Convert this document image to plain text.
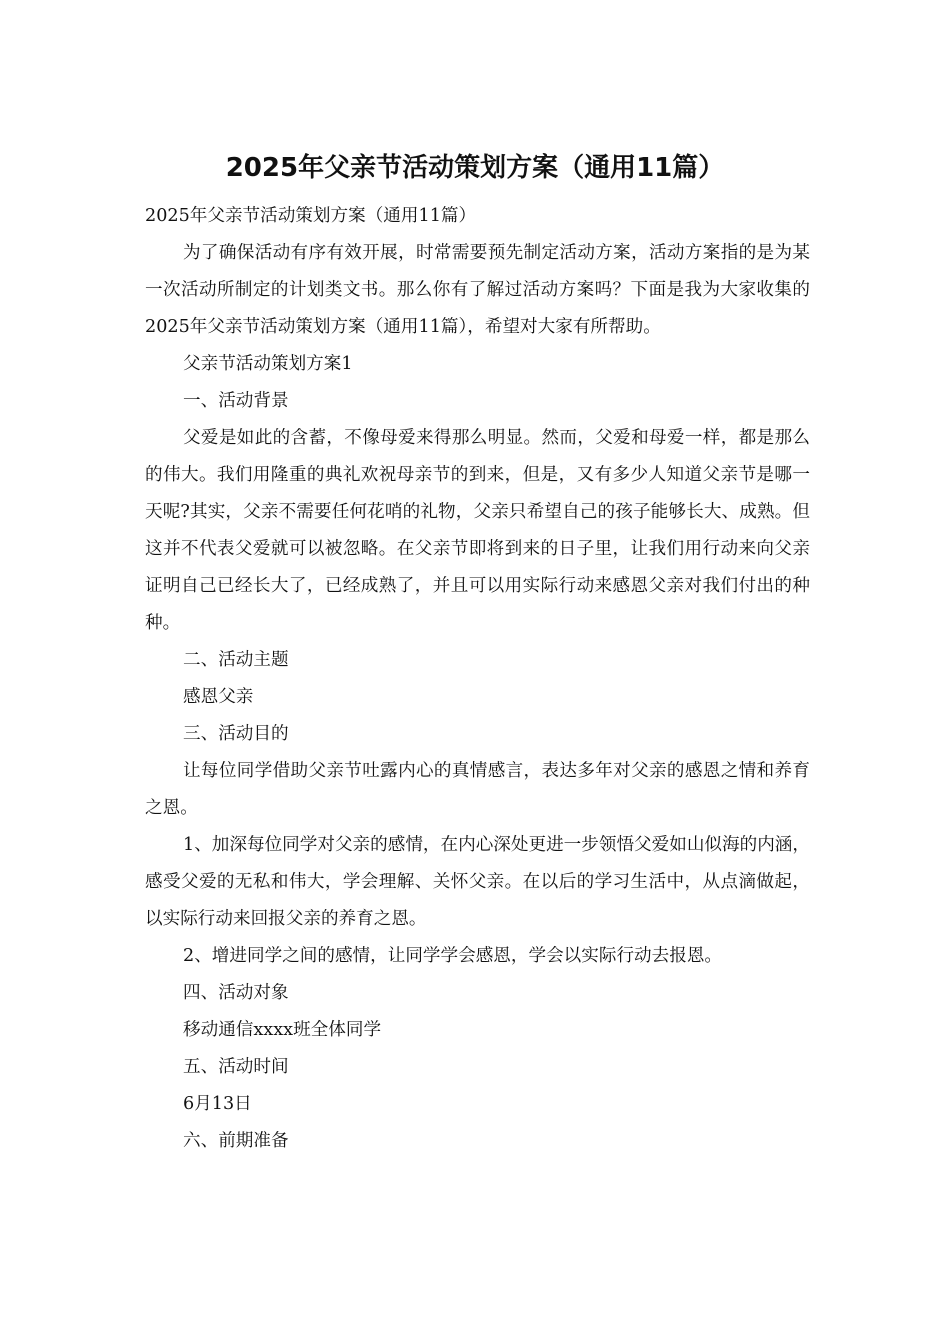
2025年父亲节活动策划方案（通用11篇）

2025年父亲节活动策划方案（通用11篇）

为了确保活动有序有效开展，时常需要预先制定活动方案，活动方案指的是为某一次活动所制定的计划类文书。那么你有了解过活动方案吗？下面是我为大家收集的2025年父亲节活动策划方案（通用11篇），希望对大家有所帮助。

父亲节活动策划方案1

一、活动背景

父爱是如此的含蓄，不像母爱来得那么明显。然而，父爱和母爱一样，都是那么的伟大。我们用隆重的典礼欢祝母亲节的到来，但是，又有多少人知道父亲节是哪一天呢?其实，父亲不需要任何花哨的礼物，父亲只希望自己的孩子能够长大、成熟。但这并不代表父爱就可以被忽略。在父亲节即将到来的日子里，让我们用行动来向父亲证明自己已经长大了，已经成熟了，并且可以用实际行动来感恩父亲对我们付出的种种。

二、活动主题

感恩父亲

三、活动目的

让每位同学借助父亲节吐露内心的真情感言，表达多年对父亲的感恩之情和养育之恩。

1、加深每位同学对父亲的感情，在内心深处更进一步领悟父爱如山似海的内涵，感受父爱的无私和伟大，学会理解、关怀父亲。在以后的学习生活中，从点滴做起，以实际行动来回报父亲的养育之恩。

2、增进同学之间的感情，让同学学会感恩，学会以实际行动去报恩。

四、活动对象

移动通信xxxx班全体同学

五、活动时间

6月13日

六、前期准备
